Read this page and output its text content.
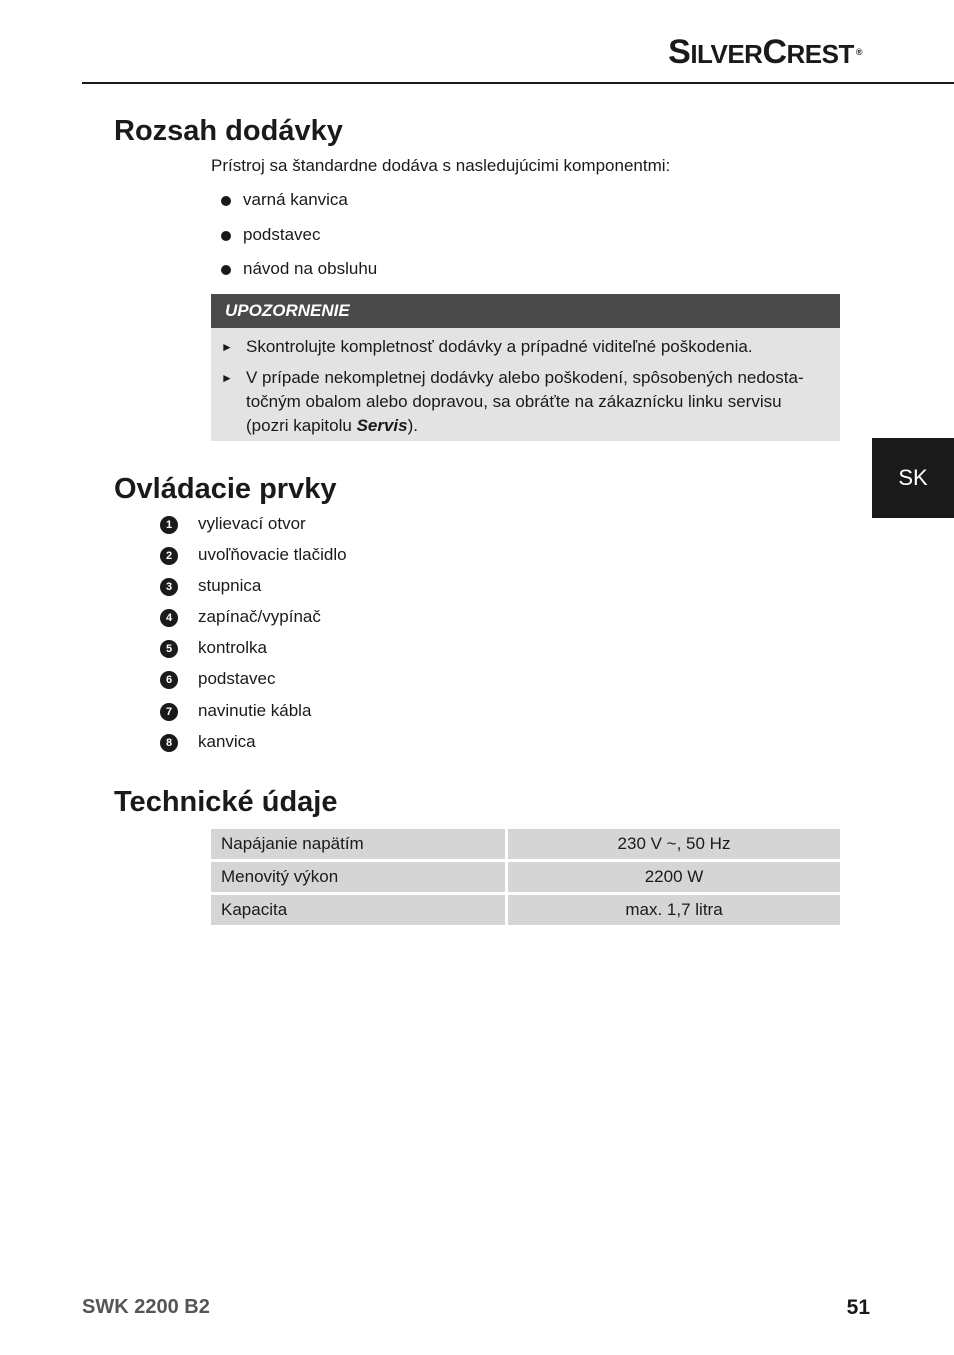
SILVERCREST ®
SK
Rozsah dodávky
Prístroj sa štandardne dodáva s nasledujúcimi komponentmi:
varná kanvica
podstavec
návod na obsluhu
UPOZORNENIE
► Skontrolujte kompletnosť dodávky a prípadné viditeľné poškodenia.
► V prípade nekompletnej dodávky alebo poškodení, spôsobených nedosta-
točným obalom alebo dopravou, sa obráťte na zákaznícku linku servisu
(pozri kapitolu Servis).
Ovládacie prvky
1	vylievací otvor
2	uvoľňovacie tlačidlo
3	stupnica
4	zapínač/vypínač
5	kontrolka
6	podstavec
7	navinutie kábla
8	kanvica
Technické údaje
Napájanie napätím	230 V ~, 50 Hz
Menovitý výkon	2200 W
Kapacita	max. 1,7 litra
SWK 2200 B2	51
